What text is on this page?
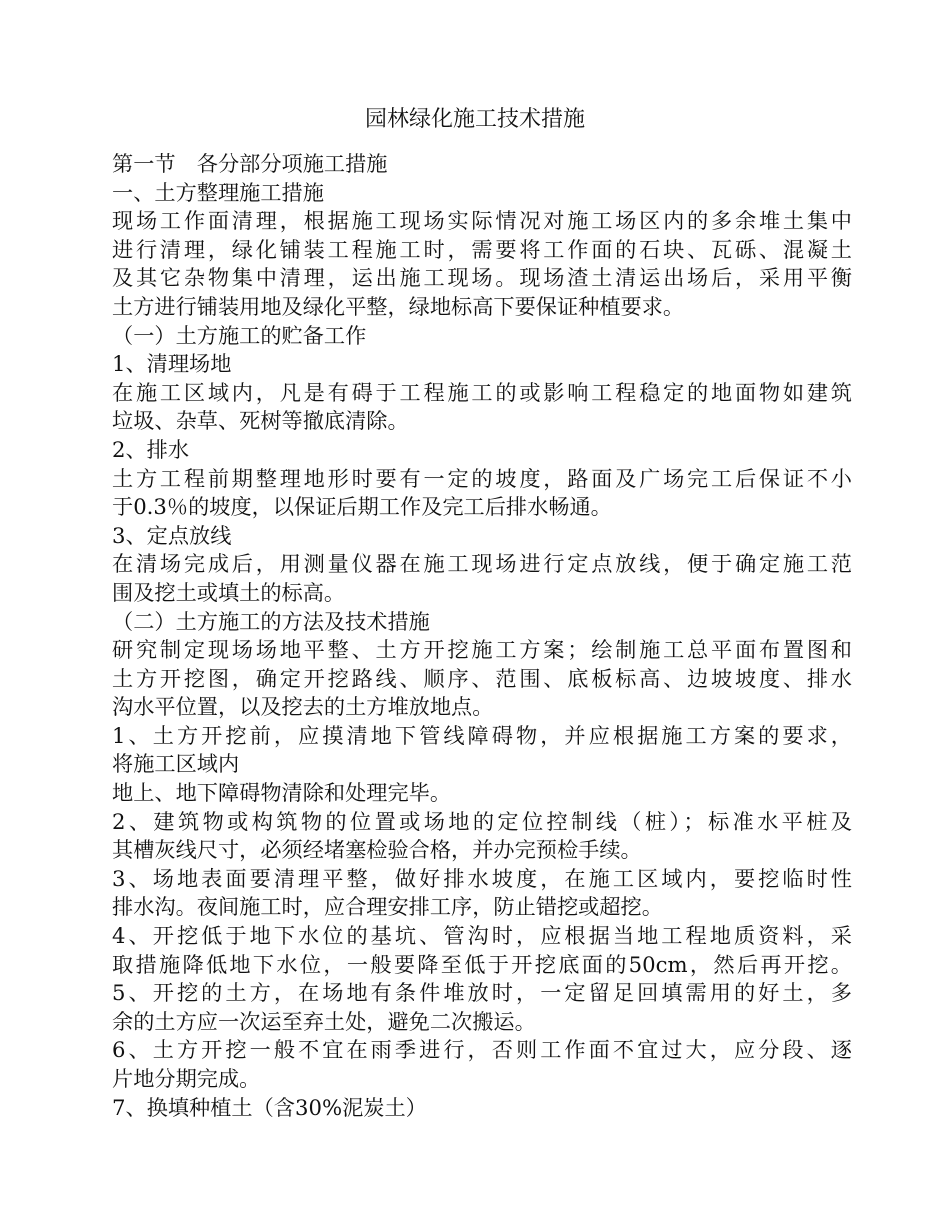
园林绿化施工技术措施
第一节　各分部分项施工措施
一、土方整理施工措施
现场工作面清理，根据施工现场实际情况对施工场区内的多余堆土集中
进行清理，绿化铺装工程施工时，需要将工作面的石块、瓦砾、混凝土
及其它杂物集中清理，运出施工现场。现场渣土清运出场后，采用平衡
土方进行铺装用地及绿化平整，绿地标高下要保证种植要求。
（一）土方施工的贮备工作
1、清理场地
在施工区域内，凡是有碍于工程施工的或影响工程稳定的地面物如建筑
垃圾、杂草、死树等撤底清除。
2、排水
土方工程前期整理地形时要有一定的坡度，路面及广场完工后保证不小
于0.3％的坡度，以保证后期工作及完工后排水畅通。
3、定点放线
在清场完成后，用测量仪器在施工现场进行定点放线，便于确定施工范
围及挖土或填土的标高。
（二）土方施工的方法及技术措施
研究制定现场场地平整、土方开挖施工方案；绘制施工总平面布置图和
土方开挖图，确定开挖路线、顺序、范围、底板标高、边坡坡度、排水
沟水平位置，以及挖去的土方堆放地点。
1、土方开挖前，应摸清地下管线障碍物，并应根据施工方案的要求，
将施工区域内
地上、地下障碍物清除和处理完毕。
2、建筑物或构筑物的位置或场地的定位控制线（桩）；标准水平桩及
其槽灰线尺寸，必须经堵塞检验合格，并办完预检手续。
3、场地表面要清理平整，做好排水坡度，在施工区域内，要挖临时性
排水沟。夜间施工时，应合理安排工序，防止错挖或超挖。
4、开挖低于地下水位的基坑、管沟时，应根据当地工程地质资料，采
取措施降低地下水位，一般要降至低于开挖底面的50cm，然后再开挖。
5、开挖的土方，在场地有条件堆放时，一定留足回填需用的好土，多
余的土方应一次运至弃土处，避免二次搬运。
6、土方开挖一般不宜在雨季进行，否则工作面不宜过大，应分段、逐
片地分期完成。
7、换填种植土（含30%泥炭土）
